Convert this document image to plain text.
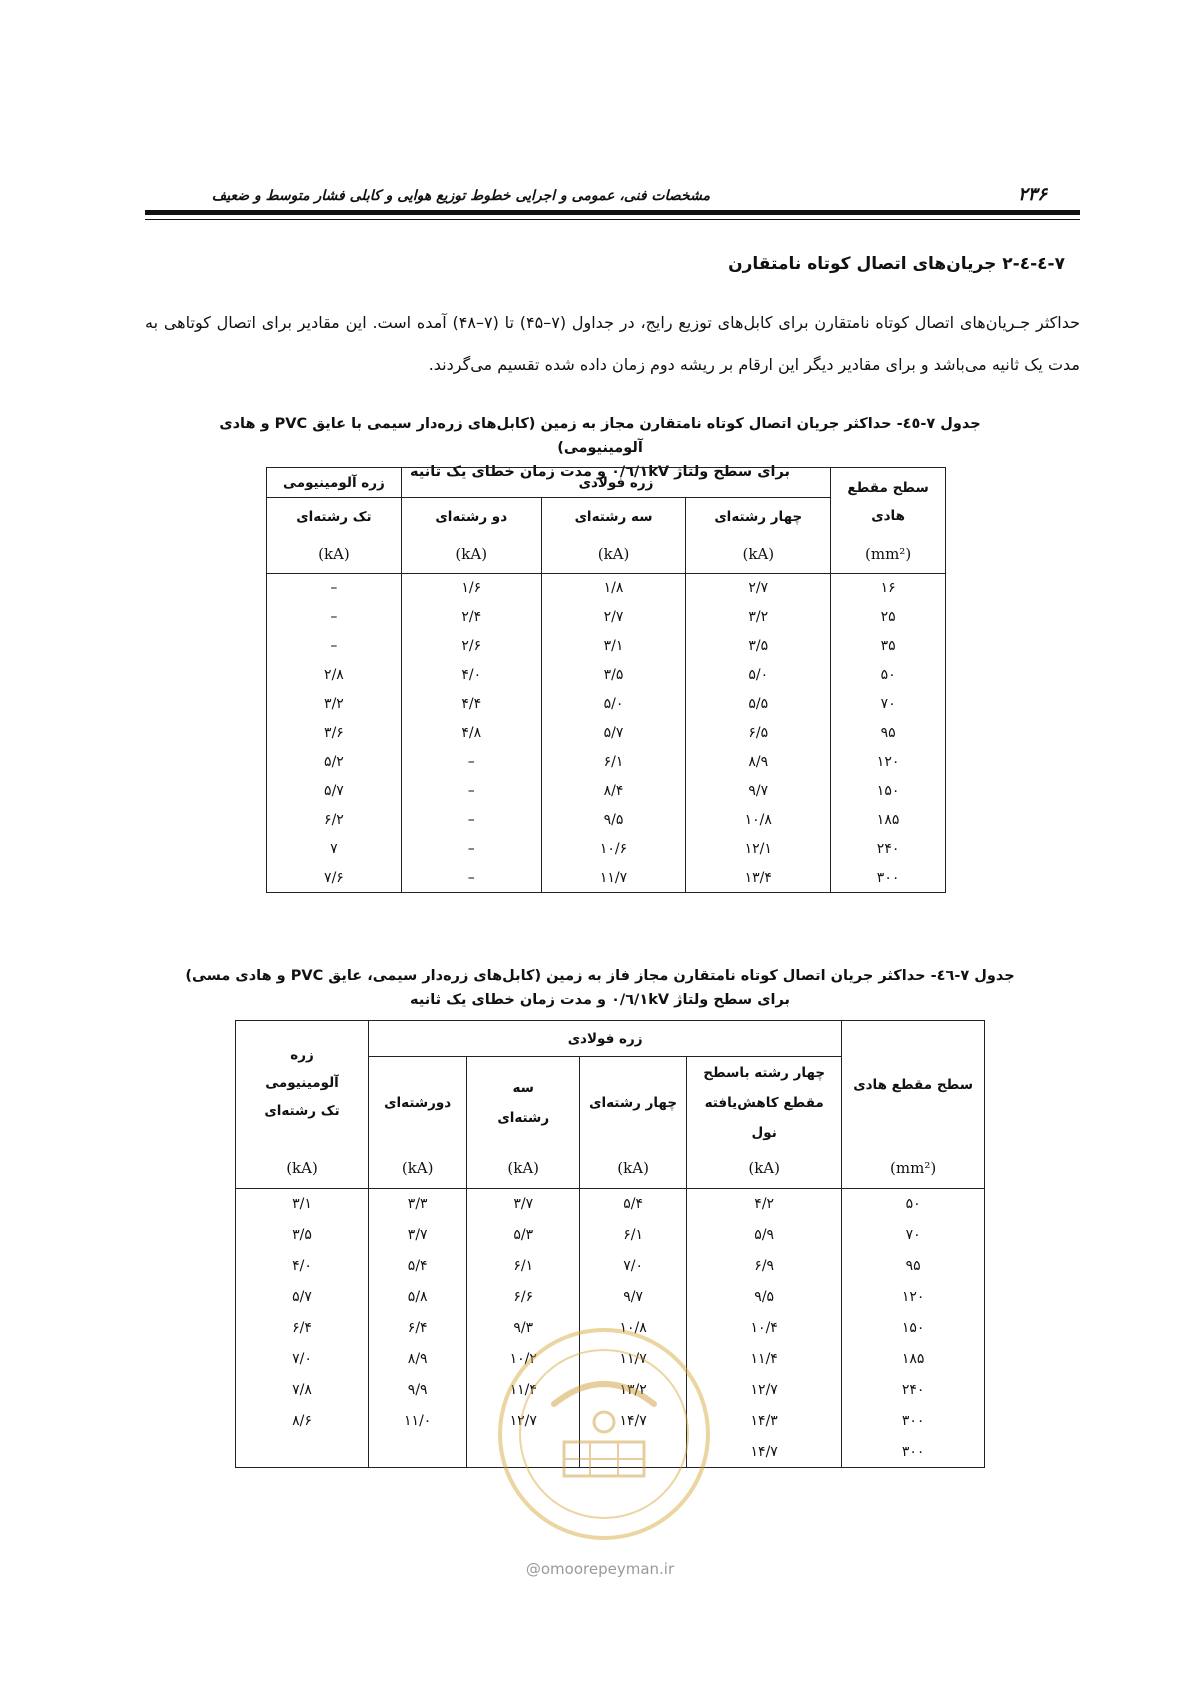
۲۳۶
مشخصات فنی، عمومی و اجرایی خطوط توزیع هوایی و کابلی فشار متوسط و ضعیف
۷-٤-٤-۲ جریان‌های اتصال کوتاه نامتقارن
حداکثر جـریان‌های اتصال کوتاه نامتقارن برای کابل‌های توزیع رایج، در جداول (۷–۴۵) تا (۷–۴۸) آمده است. این مقادیر برای اتصال کوتاهی به مدت یک ثانیه می‌باشد و برای مقادیر دیگر این ارقام بر ریشه دوم زمان داده شده تقسیم می‌گردند.
جدول ۷-٤٥- حداکثر جریان اتصال کوتاه نامتقارن مجاز به زمین (کابل‌های زره‌دار سیمی با عایق PVC و هادی آلومینیومی)
برای سطح ولتاژ ۰/٦/۱kV و مدت زمان خطای یک ثانیه
سطح مقطع هادی	زره فولادی			زره آلومینیومی
	چهار رشته‌ای	سه رشته‌ای	دو رشته‌ای	تک رشته‌ای
(mm²)	(kA)	(kA)	(kA)	(kA)
۱۶	۲/۷	۱/۸	۱/۶	–
۲۵	۳/۲	۲/۷	۲/۴	–
۳۵	۳/۵	۳/۱	۲/۶	–
۵۰	۵/۰	۳/۵	۴/۰	۲/۸
۷۰	۵/۵	۵/۰	۴/۴	۳/۲
۹۵	۶/۵	۵/۷	۴/۸	۳/۶
۱۲۰	۸/۹	۶/۱	–	۵/۲
۱۵۰	۹/۷	۸/۴	–	۵/۷
۱۸۵	۱۰/۸	۹/۵	–	۶/۲
۲۴۰	۱۲/۱	۱۰/۶	–	۷
۳۰۰	۱۳/۴	۱۱/۷	–	۷/۶
جدول ۷-٤٦- حداکثر جریان اتصال کوتاه نامتقارن مجاز فاز به زمین (کابل‌های زره‌دار سیمی، عایق PVC و هادی مسی)
برای سطح ولتاژ ۰/٦/۱kV و مدت زمان خطای یک ثانیه
سطح مقطع هادی	زره فولادی				زره آلومینیومی تک رشته‌ای
	چهار رشته باسطح مقطع کاهش‌یافته نول	چهار رشته‌ای	سه رشته‌ای	دورشته‌ای	
(mm²)	(kA)	(kA)	(kA)	(kA)	(kA)
۵۰	۴/۲	۵/۴	۳/۷	۳/۳	۳/۱
۷۰	۵/۹	۶/۱	۵/۳	۳/۷	۳/۵
۹۵	۶/۹	۷/۰	۶/۱	۵/۴	۴/۰
۱۲۰	۹/۵	۹/۷	۶/۶	۵/۸	۵/۷
۱۵۰	۱۰/۴	۱۰/۸	۹/۳	۶/۴	۶/۴
۱۸۵	۱۱/۴	۱۱/۷	۱۰/۲	۸/۹	۷/۰
۲۴۰	۱۲/۷	۱۳/۲	۱۱/۴	۹/۹	۷/۸
۳۰۰	۱۴/۳	۱۴/۷	۱۲/۷	۱۱/۰	۸/۶
۳۰۰	۱۴/۷				
@omoorepeyman.ir
